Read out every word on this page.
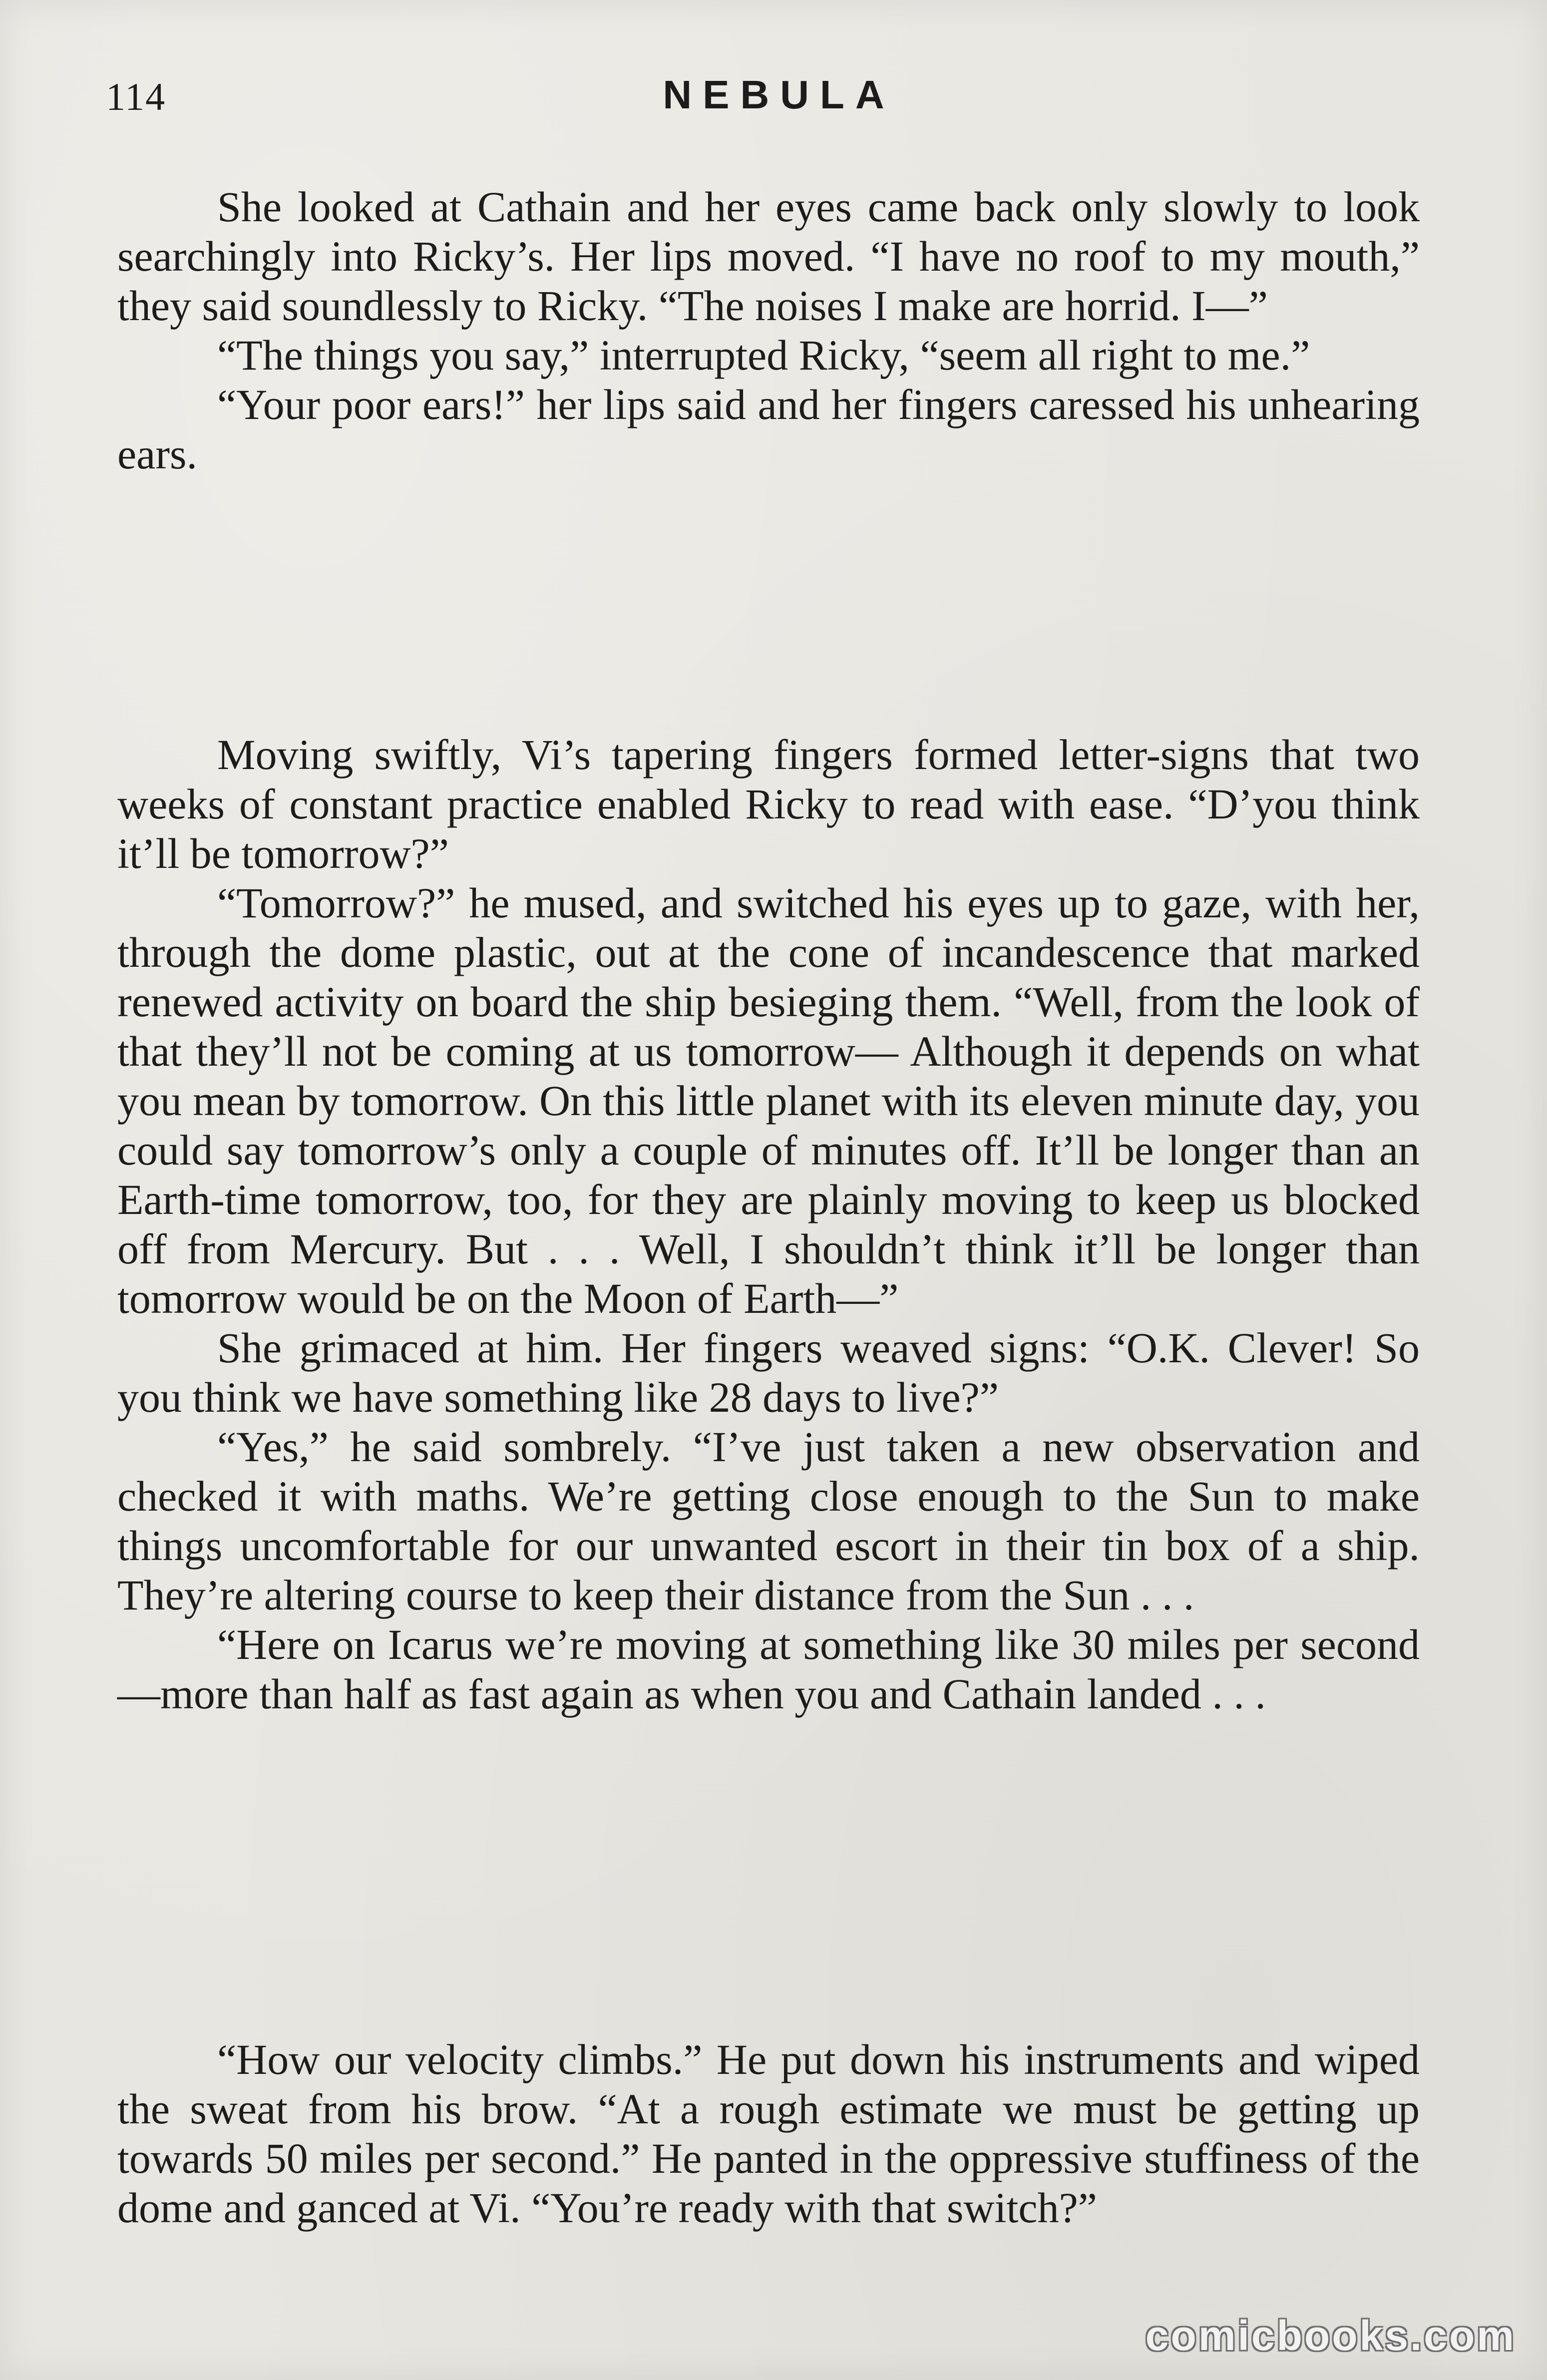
114	NEBULA

She looked at Cathain and her eyes came back only slowly to look searchingly into Ricky’s. Her lips moved. “I have no roof to my mouth,” they said soundlessly to Ricky. “The noises I make are horrid. I—”

“The things you say,” interrupted Ricky, “seem all right to me.”

“Your poor ears!” her lips said and her fingers caressed his unhearing ears.

Moving swiftly, Vi’s tapering fingers formed letter-signs that two weeks of constant practice enabled Ricky to read with ease. “D’you think it’ll be tomorrow?”

“Tomorrow?” he mused, and switched his eyes up to gaze, with her, through the dome plastic, out at the cone of incandescence that marked renewed activity on board the ship besieging them. “Well, from the look of that they’ll not be coming at us tomorrow— Although it depends on what you mean by tomorrow. On this little planet with its eleven minute day, you could say tomorrow’s only a couple of minutes off. It’ll be longer than an Earth-time tomorrow, too, for they are plainly moving to keep us blocked off from Mercury. But . . . Well, I shouldn’t think it’ll be longer than tomorrow would be on the Moon of Earth—”

She grimaced at him. Her fingers weaved signs: “O.K. Clever! So you think we have something like 28 days to live?”

“Yes,” he said sombrely. “I’ve just taken a new observation and checked it with maths. We’re getting close enough to the Sun to make things uncomfortable for our unwanted escort in their tin box of a ship. They’re altering course to keep their distance from the Sun . . .

“Here on Icarus we’re moving at something like 30 miles per second—more than half as fast again as when you and Cathain landed . . .

“How our velocity climbs.” He put down his instruments and wiped the sweat from his brow. “At a rough estimate we must be getting up towards 50 miles per second.” He panted in the oppressive stuffiness of the dome and ganced at Vi. “You’re ready with that switch?”

comicbooks.com
